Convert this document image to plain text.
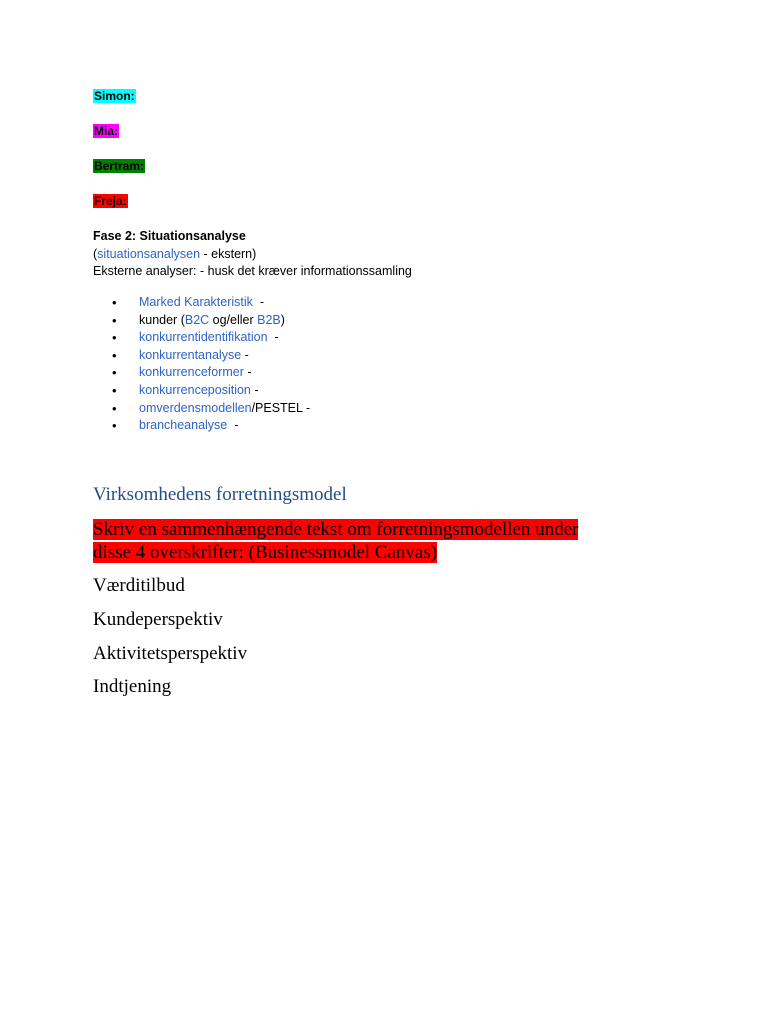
Simon:
Mia:
Bertram:
Freja:
Fase 2: Situationsanalyse
(situationsanalysen - ekstern)
Eksterne analyser: - husk det kræver informationssamling
• Marked Karakteristik  -
• kunder (B2C og/eller B2B)
• konkurrentidentifikation  -
• konkurrentanalyse -
• konkurrenceformer -
• konkurrenceposition -
• omverdensmodellen/PESTEL -
• brancheanalyse  -
Virksomhedens forretningsmodel
Skriv en sammenhængende tekst om forretningsmodellen under
disse 4 overskrifter: (Businessmodel Canvas)
Værditilbud
Kundeperspektiv
Aktivitetsperspektiv
Indtjening
